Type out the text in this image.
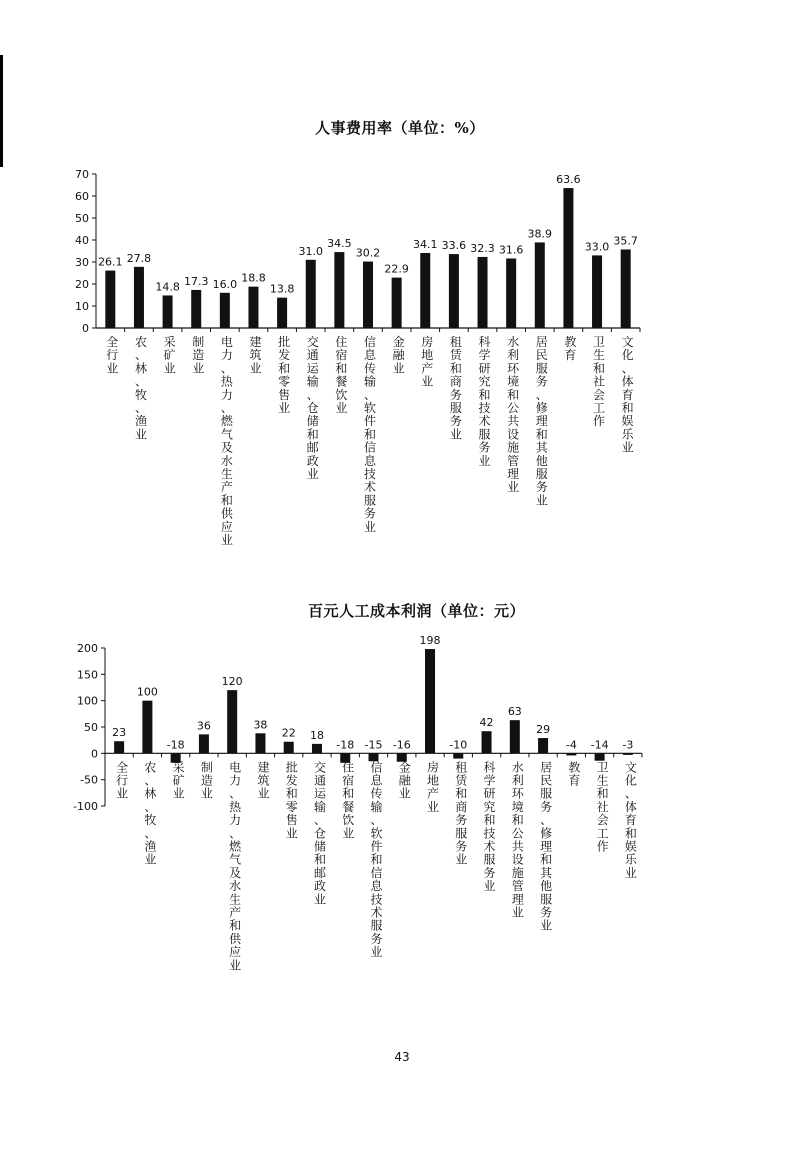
人事费用率（单位：%）
0
10
20
30
40
50
60
70
26.1
全行业
27.8
农、林、牧、渔业
14.8
采矿业
17.3
制造业
16.0
电力、热力、燃气及水生产和供应业
18.8
建筑业
13.8
批发和零售业
31.0
交通运输、仓储和邮政业
34.5
住宿和餐饮业
30.2
信息传输、软件和信息技术服务业
22.9
金融业
34.1
房地产业
33.6
租赁和商务服务业
32.3
科学研究和技术服务业
31.6
水利环境和公共设施管理业
38.9
居民服务、修理和其他服务业
63.6
教育
33.0
卫生和社会工作
35.7
文化、体育和娱乐业
百元人工成本利润（单位：元）
-100
-50
0
50
100
150
200
23
全行业
100
农、林、牧、渔业
-18
采矿业
36
制造业
120
电力、热力、燃气及水生产和供应业
38
建筑业
22
批发和零售业
18
交通运输、仓储和邮政业
-18
住宿和餐饮业
-15
信息传输、软件和信息技术服务业
-16
金融业
198
房地产业
-10
租赁和商务服务业
42
科学研究和技术服务业
63
水利环境和公共设施管理业
29
居民服务、修理和其他服务业
-4
教育
-14
卫生和社会工作
-3
文化、体育和娱乐业
43
